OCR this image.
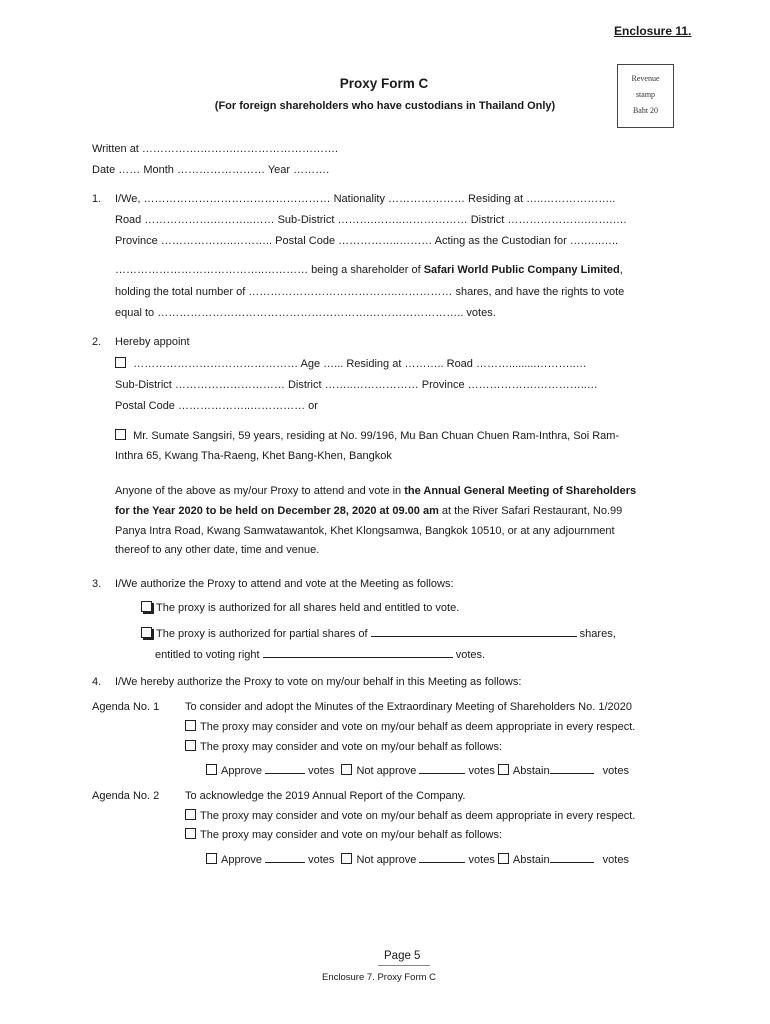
Enclosure 11.
Revenue
stamp
Baht 20
Proxy Form C
(For foreign shareholders who have custodians in Thailand Only)
Written at …………….……….……………………….
Date …… Month …………………… Year ……….
1. I/We, …………………………………………… Nationality ………………… Residing at …..………………..
Road ……………….………..…… Sub-District ……….……..……………… District ………………….…….….
Province ………………..……….. Postal Code ……………..……… Acting as the Custodian for ….…..…..
…………………………………..………… being a shareholder of Safari World Public Company Limited,
holding the total number of …………………………………..…………… shares, and have the rights to vote
equal to ………………………………………………….…………………….. votes.
2. Hereby appoint
……………………………………… Age …... Residing at ……….. Road ……….........………..…
Sub-District ………………………… District ……..……………… Province ……………….…………..…
Postal Code ………………..…………… or
Mr. Sumate Sangsiri, 59 years, residing at No. 99/196, Mu Ban Chuan Chuen Ram-Inthra, Soi Ram-
Inthra 65, Kwang Tha-Raeng, Khet Bang-Khen, Bangkok
Anyone of the above as my/our Proxy to attend and vote in the Annual General Meeting of Shareholders
for the Year 2020 to be held on December 28, 2020 at 09.00 am at the River Safari Restaurant, No.99
Panya Intra Road, Kwang Samwatawantok, Khet Klongsamwa, Bangkok 10510, or at any adjournment
thereof to any other date, time and venue.
3. I/We authorize the Proxy to attend and vote at the Meeting as follows:
The proxy is authorized for all shares held and entitled to vote.
The proxy is authorized for partial shares of	shares,
entitled to voting right	votes.
4. I/We hereby authorize the Proxy to vote on my/our behalf in this Meeting as follows:
Agenda No. 1 To consider and adopt the Minutes of the Extraordinary Meeting of Shareholders No. 1/2020
The proxy may consider and vote on my/our behalf as deem appropriate in every respect.
The proxy may consider and vote on my/our behalf as follows:
Approve	votes Not approve	votes Abstain	votes
Agenda No. 2 To acknowledge the 2019 Annual Report of the Company.
The proxy may consider and vote on my/our behalf as deem appropriate in every respect.
The proxy may consider and vote on my/our behalf as follows:
Approve	votes Not approve	votes Abstain	votes
Page 5
Enclosure 7. Proxy Form C
